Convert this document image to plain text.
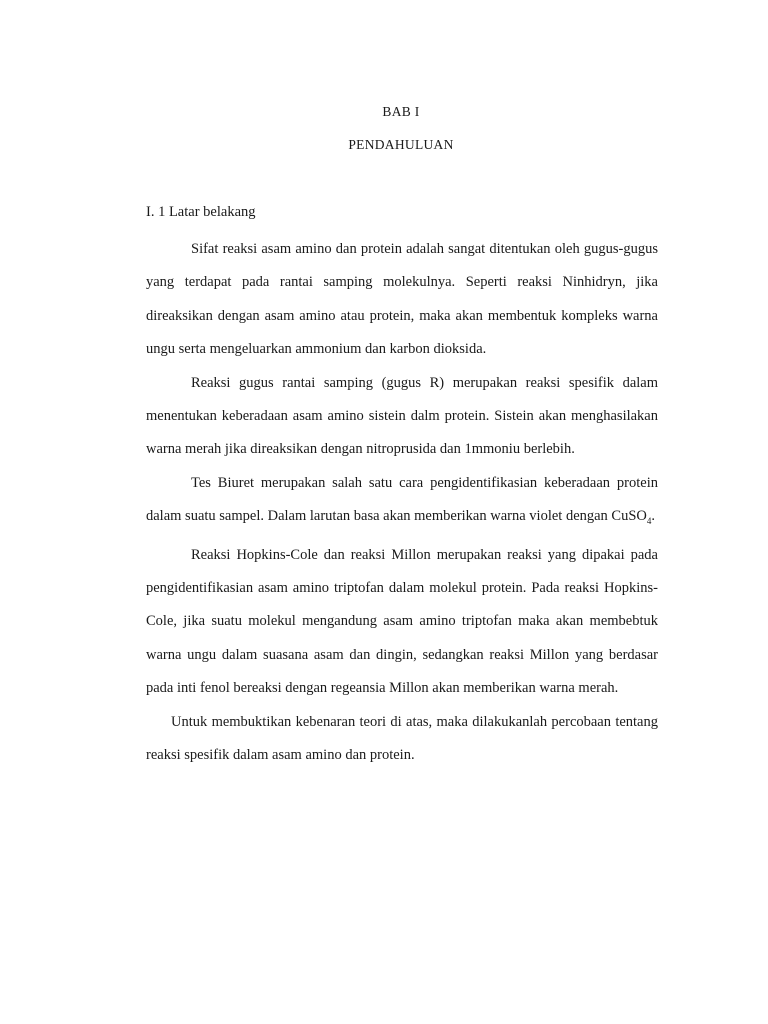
BAB I
PENDAHULUAN
I. 1 Latar belakang

Sifat reaksi asam amino dan protein adalah sangat ditentukan oleh gugus-gugus yang terdapat pada rantai samping molekulnya. Seperti reaksi Ninhidryn, jika direaksikan dengan asam amino atau protein, maka akan membentuk kompleks warna ungu serta mengeluarkan ammonium dan karbon dioksida.

Reaksi gugus rantai samping (gugus R) merupakan reaksi spesifik dalam menentukan keberadaan asam amino sistein dalm protein. Sistein akan menghasilakan warna merah jika direaksikan dengan nitroprusida dan 1mmoniu berlebih.

Tes Biuret merupakan salah satu cara pengidentifikasian keberadaan protein dalam suatu sampel. Dalam larutan basa akan memberikan warna violet dengan CuSO$_4$.

Reaksi Hopkins-Cole dan reaksi Millon merupakan reaksi yang dipakai pada pengidentifikasian asam amino triptofan dalam molekul protein. Pada reaksi Hopkins-Cole, jika suatu molekul mengandung asam amino triptofan maka akan membebtuk warna ungu dalam suasana asam dan dingin, sedangkan reaksi Millon yang berdasar pada inti fenol bereaksi dengan regeansia Millon akan memberikan warna merah.

Untuk membuktikan kebenaran teori di atas, maka dilakukanlah percobaan tentang reaksi spesifik dalam asam amino dan protein.
